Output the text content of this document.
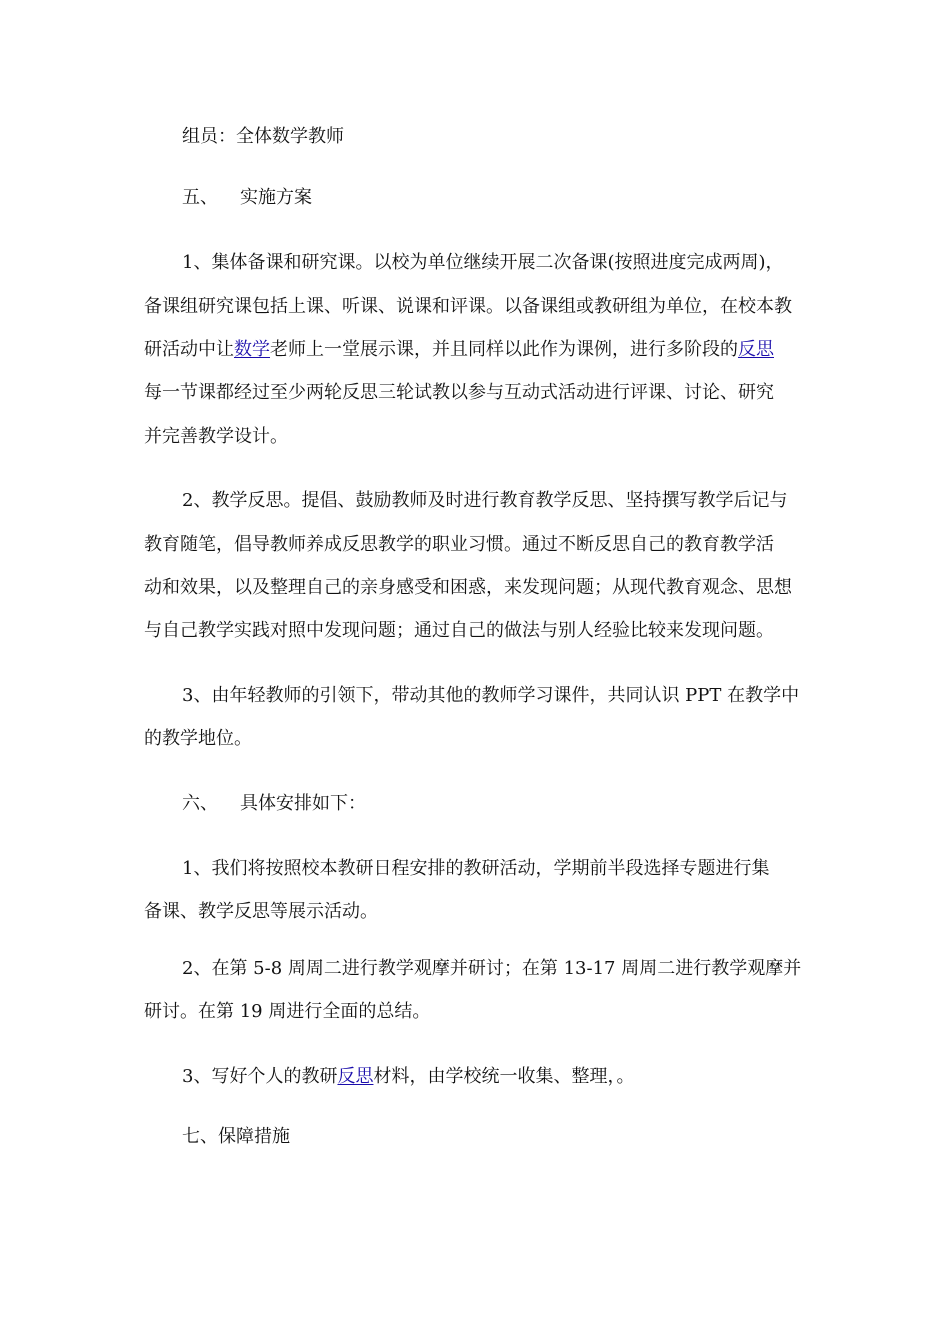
组员：全体数学教师
五、 实施方案
1、集体备课和研究课。以校为单位继续开展二次备课(按照进度完成两周)，
备课组研究课包括上课、听课、说课和评课。以备课组或教研组为单位，在校本教
研活动中让数学老师上一堂展示课，并且同样以此作为课例，进行多阶段的反思
每一节课都经过至少两轮反思三轮试教以参与互动式活动进行评课、讨论、研究
并完善教学设计。
2、教学反思。提倡、鼓励教师及时进行教育教学反思、坚持撰写教学后记与
教育随笔，倡导教师养成反思教学的职业习惯。通过不断反思自己的教育教学活
动和效果，以及整理自己的亲身感受和困惑，来发现问题；从现代教育观念、思想
与自己教学实践对照中发现问题；通过自己的做法与别人经验比较来发现问题。
3、由年轻教师的引领下，带动其他的教师学习课件，共同认识 PPT 在教学中
的教学地位。
六、 具体安排如下：
1、我们将按照校本教研日程安排的教研活动，学期前半段选择专题进行集
备课、教学反思等展示活动。
2、在第 5-8 周周二进行教学观摩并研讨；在第 13-17 周周二进行教学观摩并
研讨。在第 19 周进行全面的总结。
3、写好个人的教研反思材料，由学校统一收集、整理，。
七、保障措施
